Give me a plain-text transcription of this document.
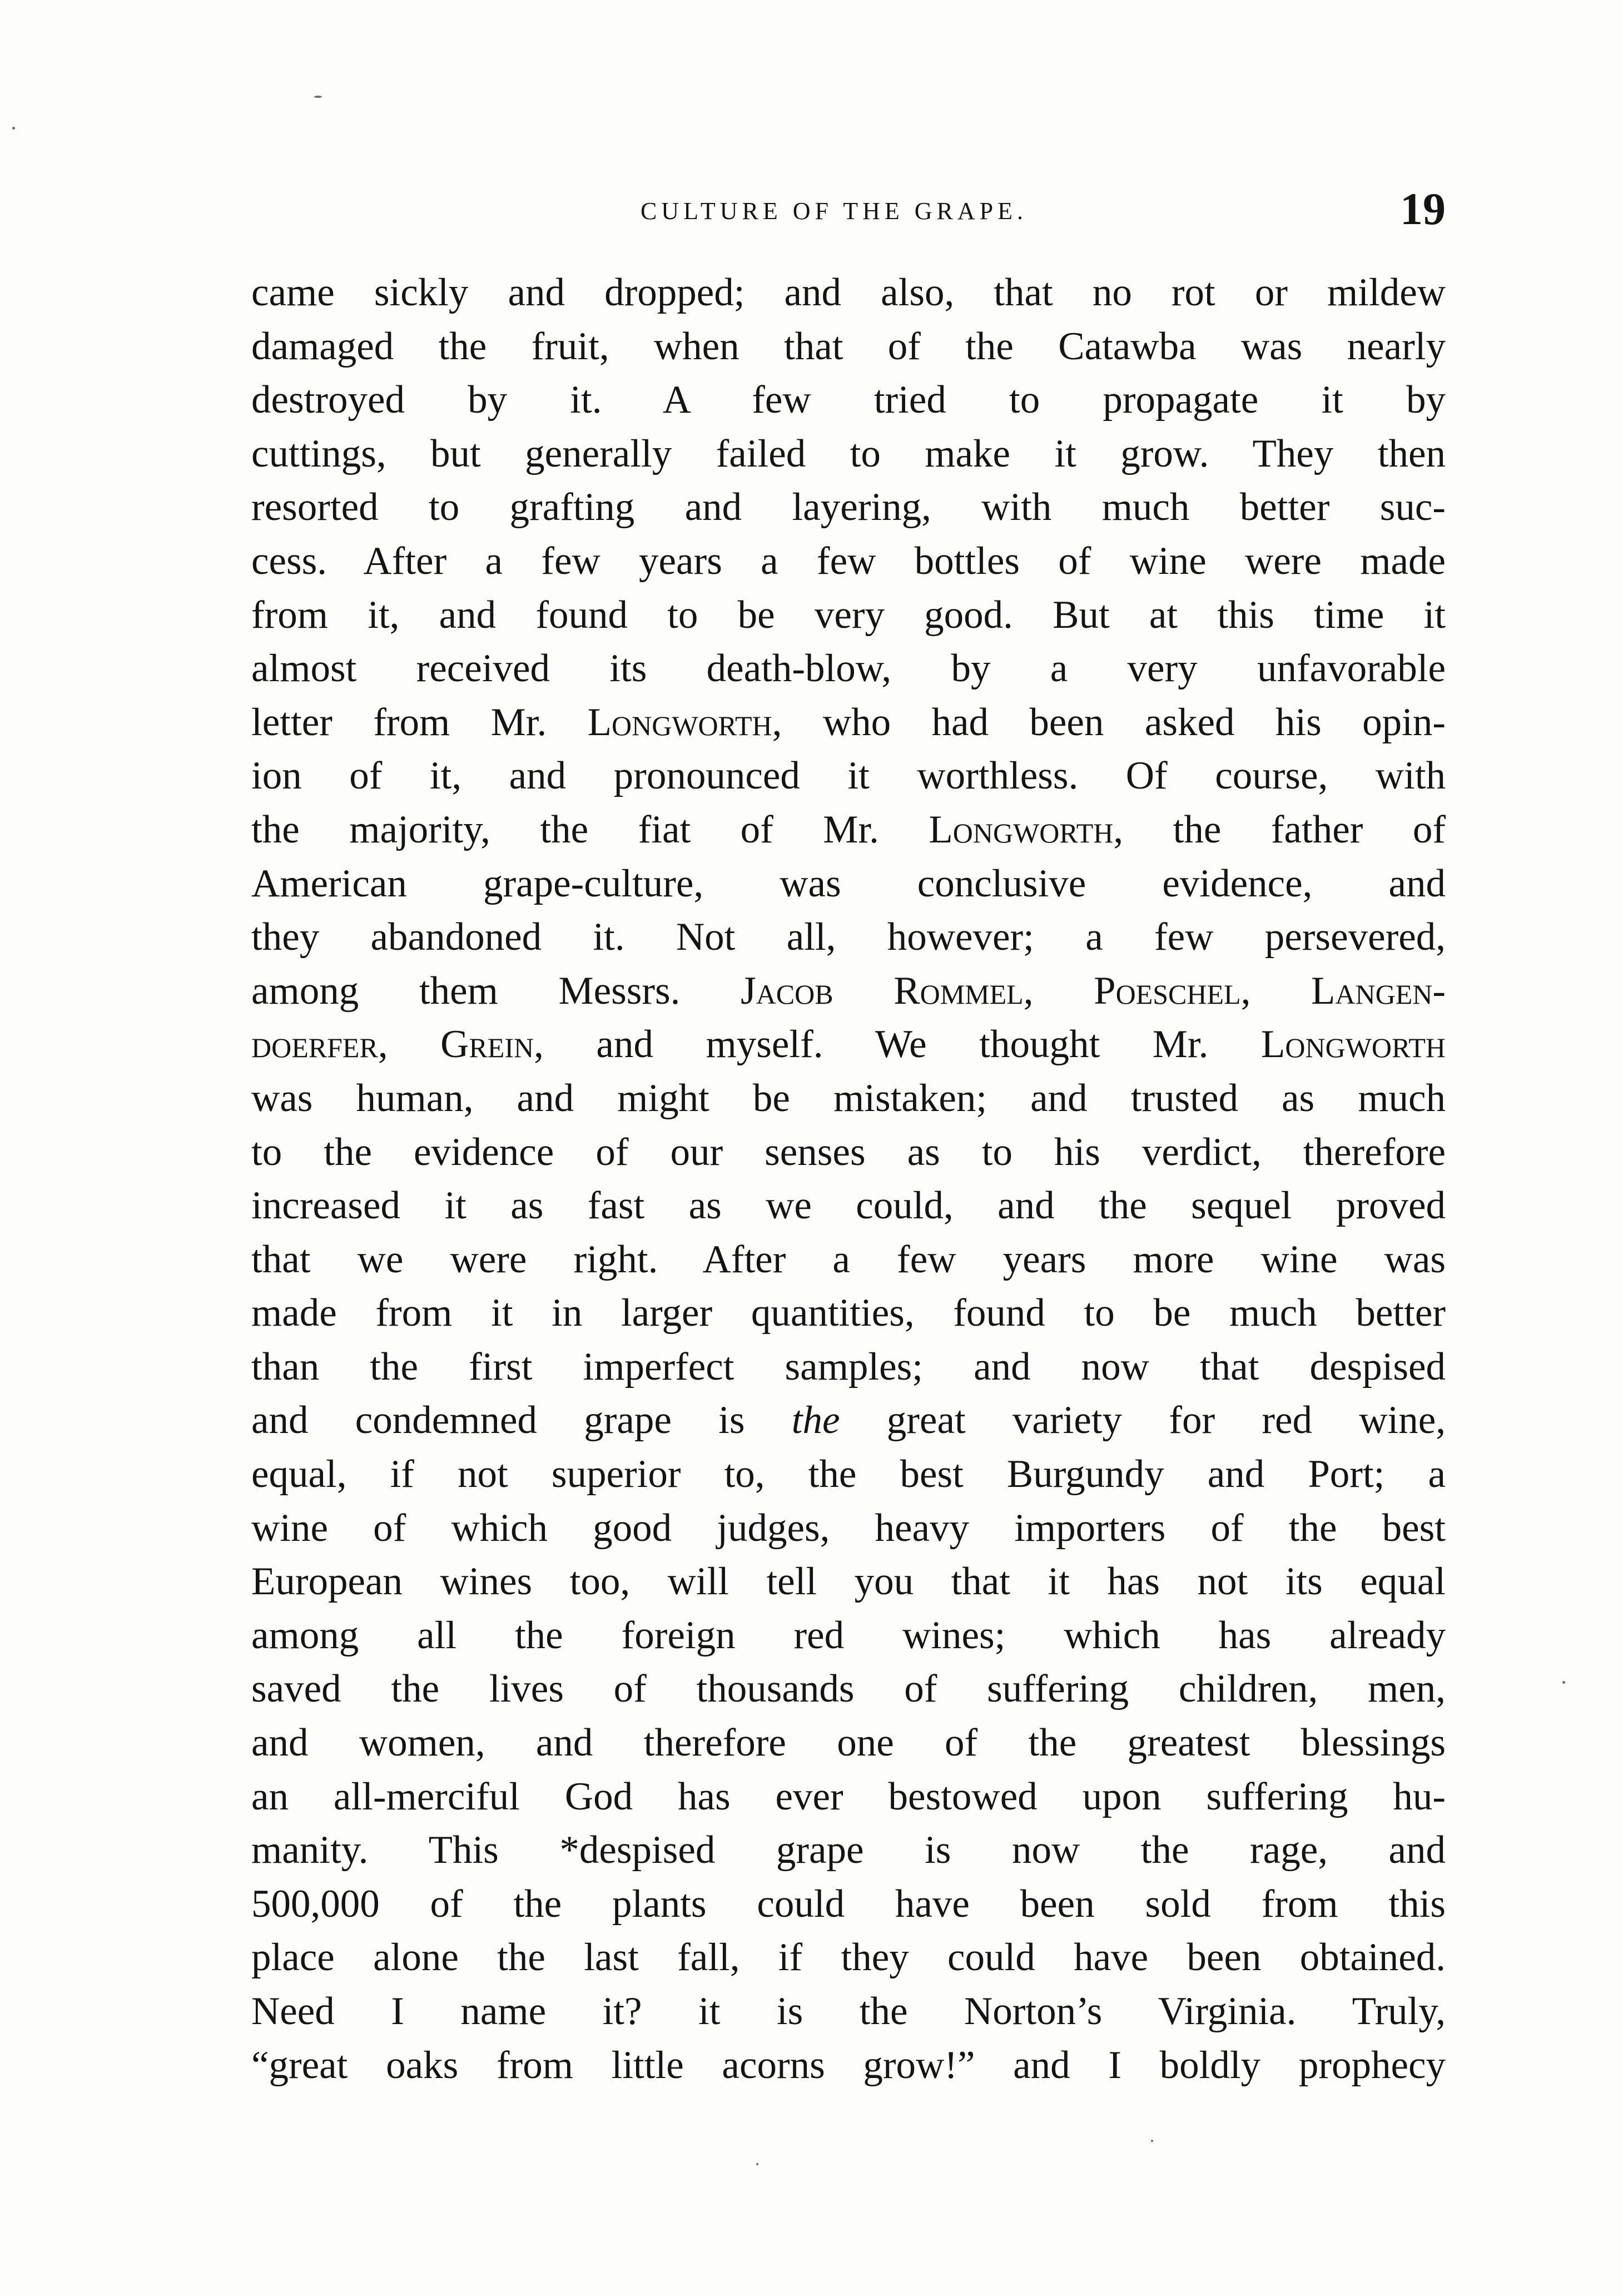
CULTURE OF THE GRAPE.	19
came sickly and dropped; and also, that no rot or mildew
damaged the fruit, when that of the Catawba was nearly
destroyed by it. A few tried to propagate it by
cuttings, but generally failed to make it grow. They then
resorted to grafting and layering, with much better suc-
cess. After a few years a few bottles of wine were made
from it, and found to be very good. But at this time it
almost received its death-blow, by a very unfavorable
letter from Mr. Longworth, who had been asked his opin-
ion of it, and pronounced it worthless. Of course, with
the majority, the fiat of Mr. Longworth, the father of
American grape-culture, was conclusive evidence, and
they abandoned it. Not all, however; a few persevered,
among them Messrs. Jacob Rommel, Poeschel, Langen-
doerfer, Grein, and myself. We thought Mr. Longworth
was human, and might be mistaken; and trusted as much
to the evidence of our senses as to his verdict, therefore
increased it as fast as we could, and the sequel proved
that we were right. After a few years more wine was
made from it in larger quantities, found to be much better
than the first imperfect samples; and now that despised
and condemned grape is the great variety for red wine,
equal, if not superior to, the best Burgundy and Port; a
wine of which good judges, heavy importers of the best
European wines too, will tell you that it has not its equal
among all the foreign red wines; which has already
saved the lives of thousands of suffering children, men,
and women, and therefore one of the greatest blessings
an all-merciful God has ever bestowed upon suffering hu-
manity. This *despised grape is now the rage, and
500,000 of the plants could have been sold from this
place alone the last fall, if they could have been obtained.
Need I name it? it is the Norton’s Virginia. Truly,
“great oaks from little acorns grow!” and I boldly prophecy
